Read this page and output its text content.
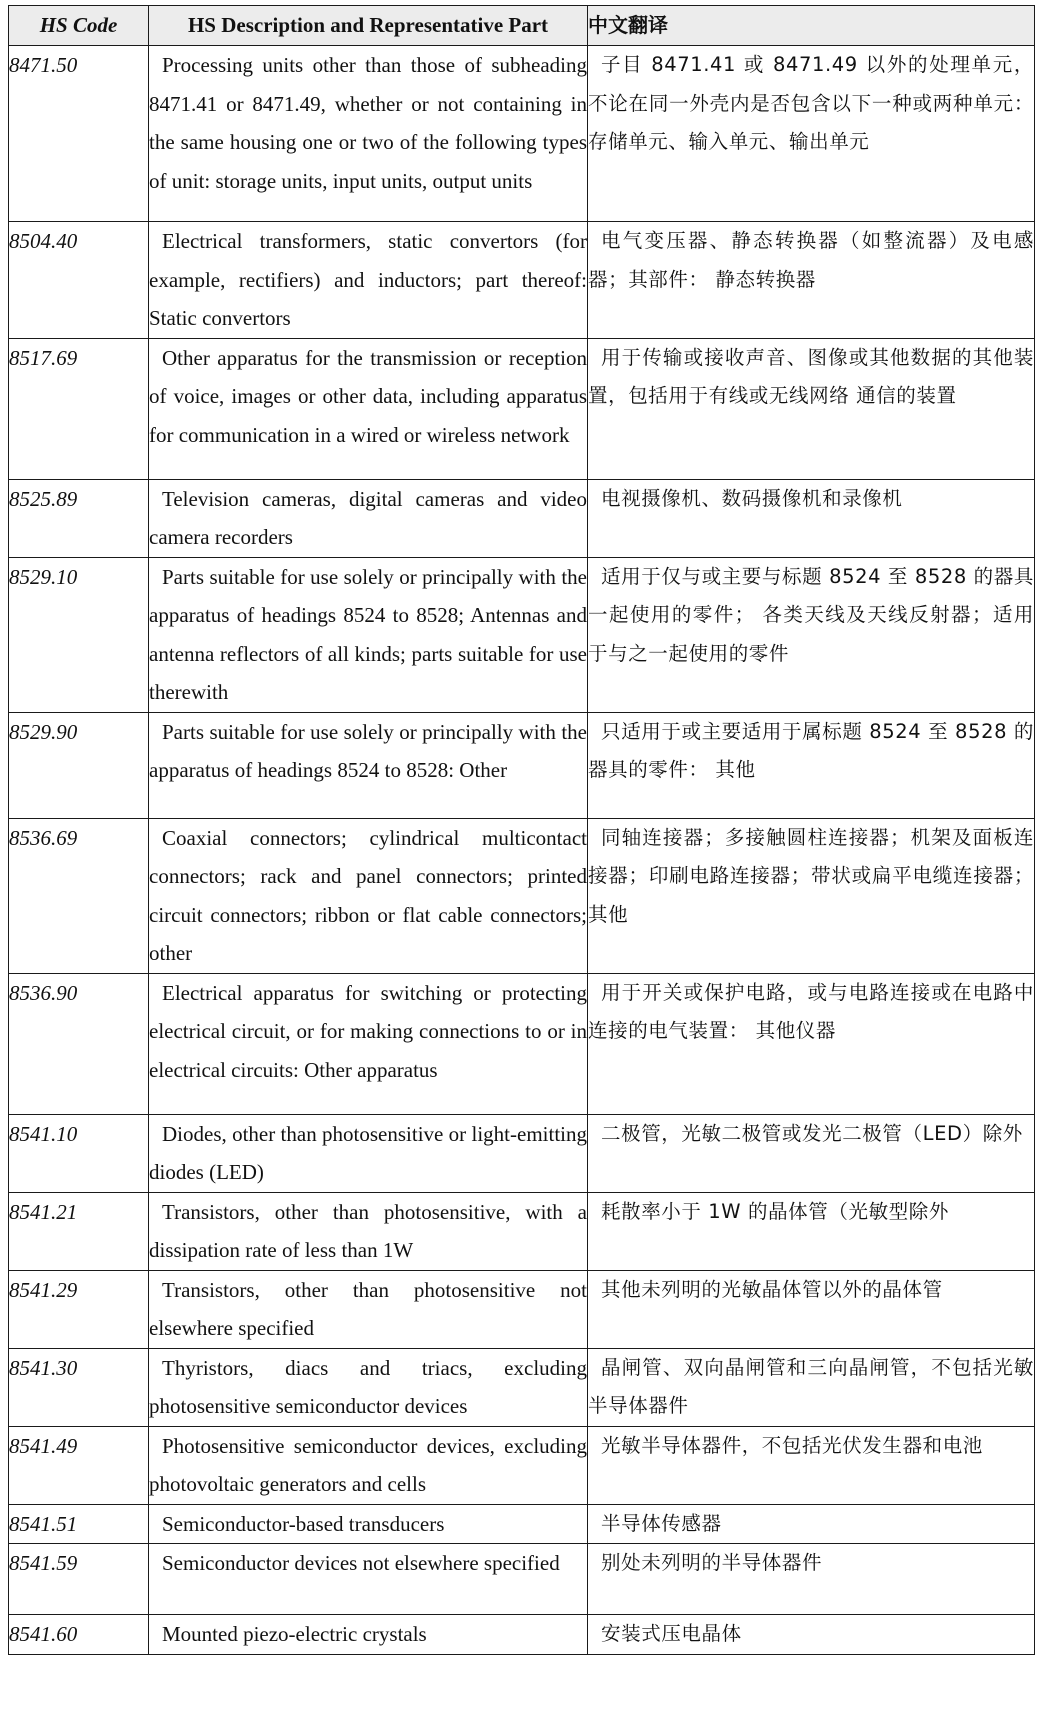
HS Code	HS Description and Representative Part	中文翻译
8471.50	Processing units other than those of subheading 8471.41 or 8471.49, whether or not containing in the same housing one or two of the following types of unit: storage units, input units, output units	子目 8471.41 或 8471.49 以外的处理单元，不论在同一外壳内是否包含以下一种或两种单元：存储单元、输入单元、输出单元
8504.40	Electrical transformers, static convertors (for example, rectifiers) and inductors; part thereof: Static convertors	电气变压器、静态转换器（如整流器）及电感器；其部件： 静态转换器
8517.69	Other apparatus for the transmission or reception of voice, images or other data, including apparatus for communication in a wired or wireless network	用于传输或接收声音、图像或其他数据的其他装置，包括用于有线或无线网络 通信的装置
8525.89	Television cameras, digital cameras and video camera recorders	电视摄像机、数码摄像机和录像机
8529.10	Parts suitable for use solely or principally with the apparatus of headings 8524 to 8528; Antennas and antenna reflectors of all kinds; parts suitable for use therewith	适用于仅与或主要与标题 8524 至 8528 的器具一起使用的零件； 各类天线及天线反射器；适用于与之一起使用的零件
8529.90	Parts suitable for use solely or principally with the apparatus of headings 8524 to 8528: Other	只适用于或主要适用于属标题 8524 至 8528 的器具的零件： 其他
8536.69	Coaxial connectors; cylindrical multicontact connectors; rack and panel connectors; printed circuit connectors; ribbon or flat cable connectors; other	同轴连接器；多接触圆柱连接器；机架及面板连接器；印刷电路连接器；带状或扁平电缆连接器；其他
8536.90	Electrical apparatus for switching or protecting electrical circuit, or for making connections to or in electrical circuits: Other apparatus	用于开关或保护电路，或与电路连接或在电路中连接的电气装置： 其他仪器
8541.10	Diodes, other than photosensitive or light-emitting diodes (LED)	二极管，光敏二极管或发光二极管（LED）除外
8541.21	Transistors, other than photosensitive, with a dissipation rate of less than 1W	耗散率小于 1W 的晶体管（光敏型除外
8541.29	Transistors, other than photosensitive not elsewhere specified	其他未列明的光敏晶体管以外的晶体管
8541.30	Thyristors, diacs and triacs, excluding photosensitive semiconductor devices	晶闸管、双向晶闸管和三向晶闸管，不包括光敏半导体器件
8541.49	Photosensitive semiconductor devices, excluding photovoltaic generators and cells	光敏半导体器件，不包括光伏发生器和电池
8541.51	Semiconductor-based transducers	半导体传感器
8541.59	Semiconductor devices not elsewhere specified	别处未列明的半导体器件
8541.60	Mounted piezo-electric crystals	安装式压电晶体
